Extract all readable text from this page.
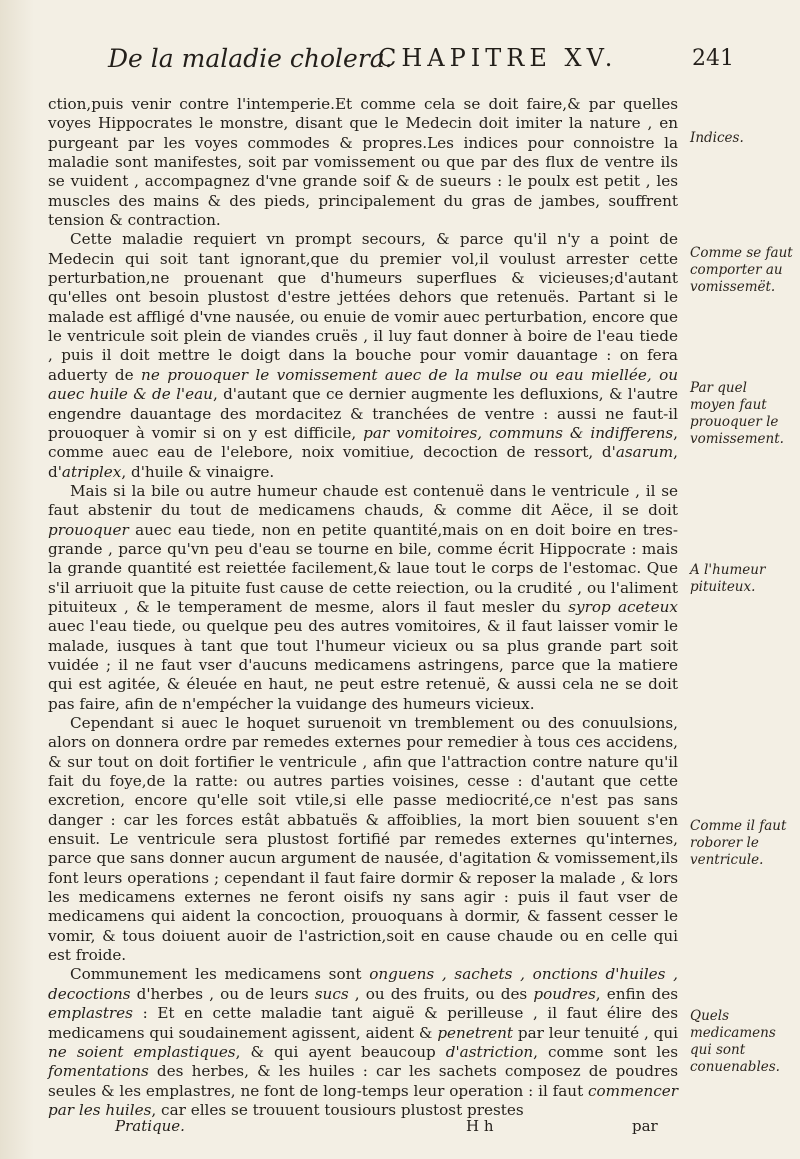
De la maladie cholera.
CHAPITRE XV.	241

ction,puis venir contre l'intemperie.Et comme cela se doit faire,& par quelles voyes Hippocrates le monstre, disant que le Medecin doit imiter la nature , en purgeant par les voyes commodes & propres.Les indices pour connoistre la maladie sont manifestes, soit par vomissement ou que par des flux de ventre ils se vuident , accompagnez d'vne grande soif & de sueurs : le poulx est petit , les muscles des mains & des pieds, principalement du gras de jambes, souffrent tension & contraction.

Cette maladie requiert vn prompt secours, & parce qu'il n'y a point de Medecin qui soit tant ignorant,que du premier vol,il voulust arrester cette perturbation,ne prouenant que d'humeurs superflues & vicieuses;d'autant qu'elles ont besoin plustost d'estre jettées dehors que retenuës. Partant si le malade est affligé d'vne nausée, ou enuie de vomir auec perturbation, encore que le ventricule soit plein de viandes cruës , il luy faut donner à boire de l'eau tiede , puis il doit mettre le doigt dans la bouche pour vomir dauantage : on fera aduerty de ne prouoquer le vomissement auec de la mulse ou eau miellée, ou auec huile & de l'eau, d'autant que ce dernier augmente les defluxions, & l'autre engendre dauantage des mordacitez & tranchées de ventre : aussi ne faut-il prouoquer à vomir si on y est difficile, par vomitoires, communs & indifferens, comme auec eau de l'elebore, noix vomitiue, decoction de ressort, d'asarum, d'atriplex, d'huile & vinaigre.

Mais si la bile ou autre humeur chaude est contenuë dans le ventricule , il se faut abstenir du tout de medicamens chauds, & comme dit Aëce, il se doit prouoquer auec eau tiede, non en petite quantité,mais on en doit boire en tres-grande , parce qu'vn peu d'eau se tourne en bile, comme écrit Hippocrate : mais la grande quantité est reiettée facilement,& laue tout le corps de l'estomac. Que s'il arriuoit que la pituite fust cause de cette reiection, ou la crudité , ou l'aliment pituiteux , & le temperament de mesme, alors il faut mesler du syrop aceteux auec l'eau tiede, ou quelque peu des autres vomitoires, & il faut laisser vomir le malade, iusques à tant que tout l'humeur vicieux ou sa plus grande part soit vuidée ; il ne faut vser d'aucuns medicamens astringens, parce que la matiere qui est agitée, & éleuée en haut, ne peut estre retenuë, & aussi cela ne se doit pas faire, afin de n'empécher la vuidange des humeurs vicieux.

Cependant si auec le hoquet suruenoit vn tremblement ou des conuulsions, alors on donnera ordre par remedes externes pour remedier à tous ces accidens, & sur tout on doit fortifier le ventricule , afin que l'attraction contre nature qu'il fait du foye,de la ratte: ou autres parties voisines, cesse : d'autant que cette excretion, encore qu'elle soit vtile,si elle passe mediocrité,ce n'est pas sans danger : car les forces estât abbatuës & affoiblies, la mort bien souuent s'en ensuit. Le ventricule sera plustost fortifié par remedes externes qu'internes, parce que sans donner aucun argument de nausée, d'agitation & vomissement,ils font leurs operations ; cependant il faut faire dormir & reposer la malade , & lors les medicamens externes ne feront oisifs ny sans agir : puis il faut vser de medicamens qui aident la concoction, prouoquans à dormir, & fassent cesser le vomir, & tous doiuent auoir de l'astriction,soit en cause chaude ou en celle qui est froide.

Communement les medicamens sont onguens , sachets , onctions d'huiles , decoctions d'herbes , ou de leurs sucs , ou des fruits, ou des poudres, enfin des emplastres : Et en cette maladie tant aiguë & perilleuse , il faut élire des medicamens qui soudainement agissent, aident & penetrent par leur tenuité , qui ne soient emplastiques, & qui ayent beaucoup d'astriction, comme sont les fomentations des herbes, & les huiles : car les sachets composez de poudres seules & les emplastres, ne font de long-temps leur operation : il faut commencer par les huiles, car elles se trouuent tousiours plustost prestes

Indices.
Comme se faut comporter au vomissemët.
Par quel moyen faut prouoquer le vomissement.
A l'humeur pituiteux.
Comme il faut roborer le ventricule.
Quels medicamens qui sont conuenables.
Pratique.	H h	par
